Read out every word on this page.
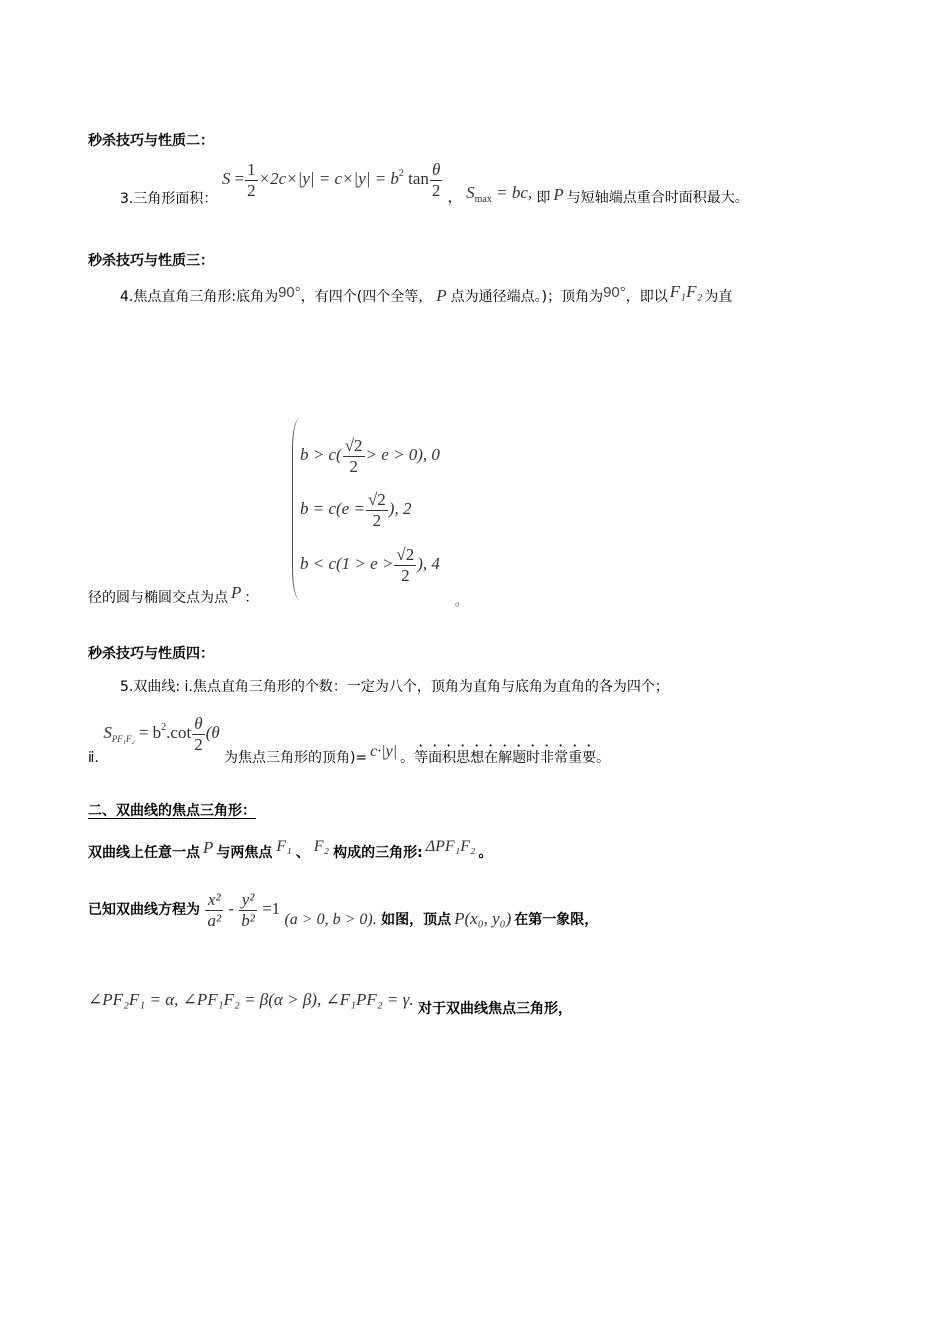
秒杀技巧与性质二：
3.三角形面积： $S = \frac{1}{2} \times 2c\times|y| = c\times|y| = b^2$ $\tan \frac{\theta}{2}$ ， $S_{max}$ = bc, 即 P 与短轴端点重合时面积最大。
秒杀技巧与性质三：
4.焦点直角三角形:底角为90°，有四个(四个全等， P 点为通径端点。)；顶角为90°，即以 F₁F₂ 为直
径的圆与椭圆交点为点 P ：
$b > c( \frac{√2}{2} > e > 0)$, 0
$b = c(e = \frac{√2}{2}$ ), 2
$b < c(1 > e > \frac{√2}{2}$ ), 4
。
秒杀技巧与性质四：
5.双曲线: ⅰ.焦点直角三角形的个数：一定为八个，顶角为直角与底角为直角的各为四个；
ⅱ. $S_{PF_1F_2} = b^2.\cot \frac{\theta}{2} (\theta$ 为焦点三角形的顶角)= c·|y| 。等面积思想在解题时非常重要。
二、双曲线的焦点三角形：
双曲线上任意一点 P 与两焦点 F₁ 、 F₂ 构成的三角形: ΔPF₁F₂ 。
已知双曲线方程为 $\frac{\text{x²}}{\text{a²}} - \frac{\text{y²}}{\text{b²}} =1$ (a > 0, b > 0). 如图，顶点 P(x₀, y₀) 在第一象限，
∠PF₂F₁ = α, ∠PF₁F₂ = β(α > β), ∠F₁PF₂ = γ. 对于双曲线焦点三角形，
